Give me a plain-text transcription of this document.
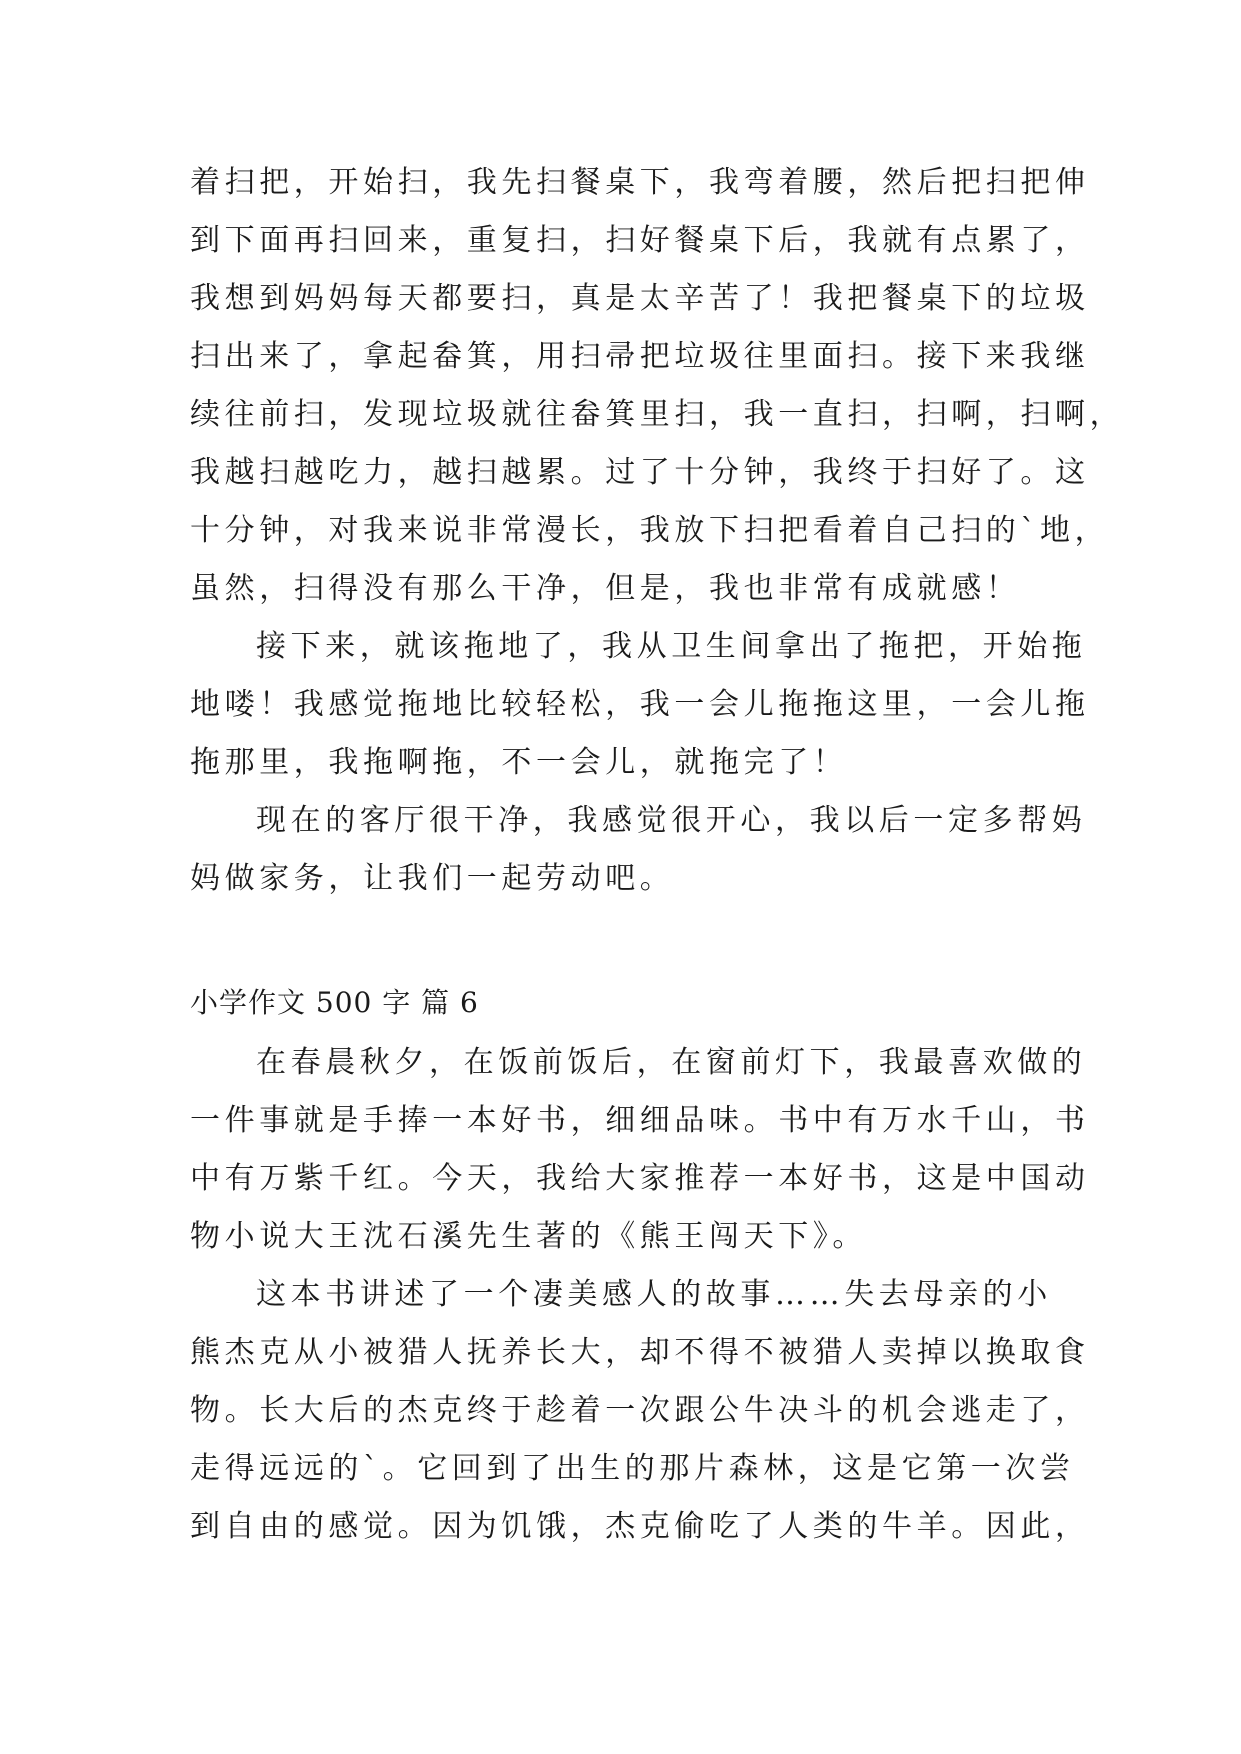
着扫把，开始扫，我先扫餐桌下，我弯着腰，然后把扫把伸
到下面再扫回来，重复扫，扫好餐桌下后，我就有点累了，
我想到妈妈每天都要扫，真是太辛苦了！我把餐桌下的垃圾
扫出来了，拿起畚箕，用扫帚把垃圾往里面扫。接下来我继
续往前扫，发现垃圾就往畚箕里扫，我一直扫，扫啊，扫啊，
我越扫越吃力，越扫越累。过了十分钟，我终于扫好了。这
十分钟，对我来说非常漫长，我放下扫把看着自己扫的`地，
虽然，扫得没有那么干净，但是，我也非常有成就感！
接下来，就该拖地了，我从卫生间拿出了拖把，开始拖
地喽！我感觉拖地比较轻松，我一会儿拖拖这里，一会儿拖
拖那里，我拖啊拖，不一会儿，就拖完了！
现在的客厅很干净，我感觉很开心，我以后一定多帮妈
妈做家务，让我们一起劳动吧。
小学作文 500 字 篇 6
在春晨秋夕，在饭前饭后，在窗前灯下，我最喜欢做的
一件事就是手捧一本好书，细细品味。书中有万水千山，书
中有万紫千红。今天，我给大家推荐一本好书，这是中国动
物小说大王沈石溪先生著的《熊王闯天下》。
这本书讲述了一个凄美感人的故事……失去母亲的小
熊杰克从小被猎人抚养长大，却不得不被猎人卖掉以换取食
物。长大后的杰克终于趁着一次跟公牛决斗的机会逃走了，
走得远远的`。它回到了出生的那片森林，这是它第一次尝
到自由的感觉。因为饥饿，杰克偷吃了人类的牛羊。因此，
